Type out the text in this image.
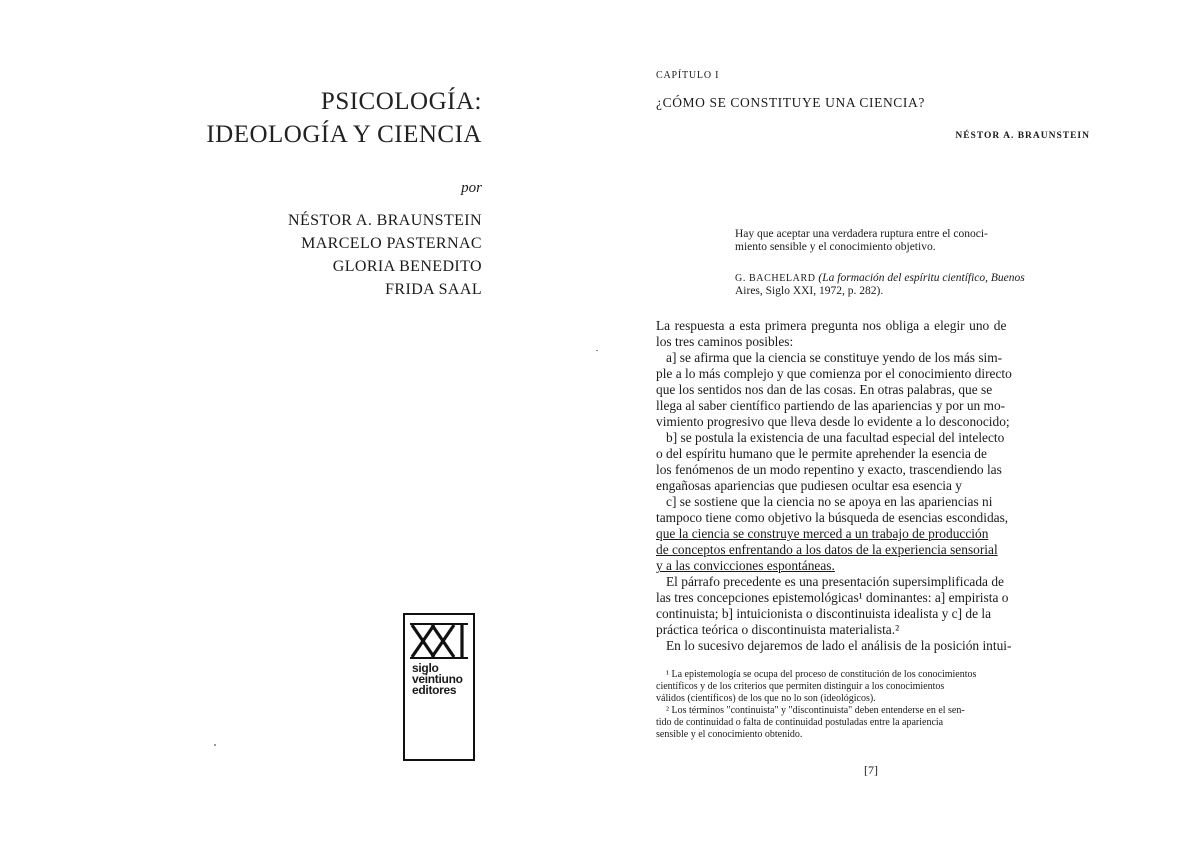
PSICOLOGÍA:
IDEOLOGÍA Y CIENCIA
por
NÉSTOR A. BRAUNSTEIN
MARCELO PASTERNAC
GLORIA BENEDITO
FRIDA SAAL
siglo
veintiuno
editores
CAPÍTULO I
¿CÓMO SE CONSTITUYE UNA CIENCIA?
NÉSTOR A. BRAUNSTEIN
Hay que aceptar una verdadera ruptura entre el conoci-
miento sensible y el conocimiento objetivo.
G. BACHELARD (La formación del espíritu científico, Buenos
Aires, Siglo XXI, 1972, p. 282).
La respuesta a esta primera pregunta nos obliga a elegir uno de
los tres caminos posibles:
a] se afirma que la ciencia se constituye yendo de los más sim-
ple a lo más complejo y que comienza por el conocimiento directo
que los sentidos nos dan de las cosas. En otras palabras, que se
llega al saber científico partiendo de las apariencias y por un mo-
vimiento progresivo que lleva desde lo evidente a lo desconocido;
b] se postula la existencia de una facultad especial del intelecto
o del espíritu humano que le permite aprehender la esencia de
los fenómenos de un modo repentino y exacto, trascendiendo las
engañosas apariencias que pudiesen ocultar esa esencia y
c] se sostiene que la ciencia no se apoya en las apariencias ni
tampoco tiene como objetivo la búsqueda de esencias escondidas,
que la ciencia se construye merced a un trabajo de producción
de conceptos enfrentando a los datos de la experiencia sensorial
y a las convicciones espontáneas.
El párrafo precedente es una presentación supersimplificada de
las tres concepciones epistemológicas¹ dominantes: a] empirista o
continuista; b] intuicionista o discontinuista idealista y c] de la
práctica teórica o discontinuista materialista.²
En lo sucesivo dejaremos de lado el análisis de la posición intui-
¹ La epistemología se ocupa del proceso de constitución de los conocimientos
científicos y de los criterios que permiten distinguir a los conocimientos
válidos (científicos) de los que no lo son (ideológicos).
² Los términos "continuista" y "discontinuista" deben entenderse en el sen-
tido de continuidad o falta de continuidad postuladas entre la apariencia
sensible y el conocimiento obtenido.
[7]
